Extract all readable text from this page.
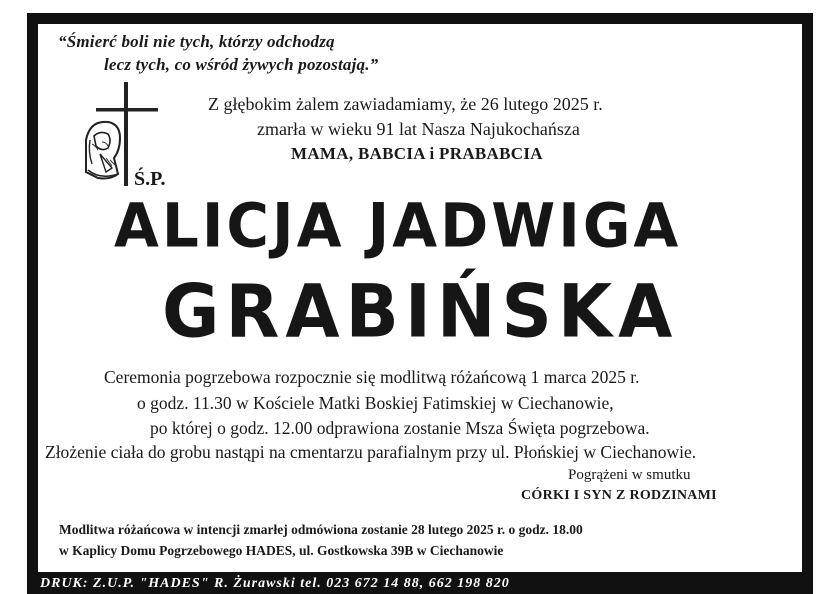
“Śmierć boli nie tych, którzy odchodzą
lecz tych, co wśród żywych pozostają.”
Z głębokim żalem zawiadamiamy, że 26 lutego 2025 r.
zmarła w wieku 91 lat Nasza Najukochańsza
MAMA, BABCIA i PRABABCIA
Ś.P.
ALICJA JADWIGA
GRABIŃSKA
Ceremonia pogrzebowa rozpocznie się modlitwą różańcową 1 marca 2025 r.
o godz. 11.30 w Kościele Matki Boskiej Fatimskiej w Ciechanowie,
po której o godz. 12.00 odprawiona zostanie Msza Święta pogrzebowa.
Złożenie ciała do grobu nastąpi na cmentarzu parafialnym przy ul. Płońskiej w Ciechanowie.
Pogrążeni w smutku
CÓRKI I SYN Z RODZINAMI
Modlitwa różańcowa w intencji zmarłej odmówiona zostanie 28 lutego 2025 r. o godz. 18.00
w Kaplicy Domu Pogrzebowego HADES, ul. Gostkowska 39B w Ciechanowie
DRUK: Z.U.P. "HADES" R. Żurawski tel. 023 672 14 88, 662 198 820
